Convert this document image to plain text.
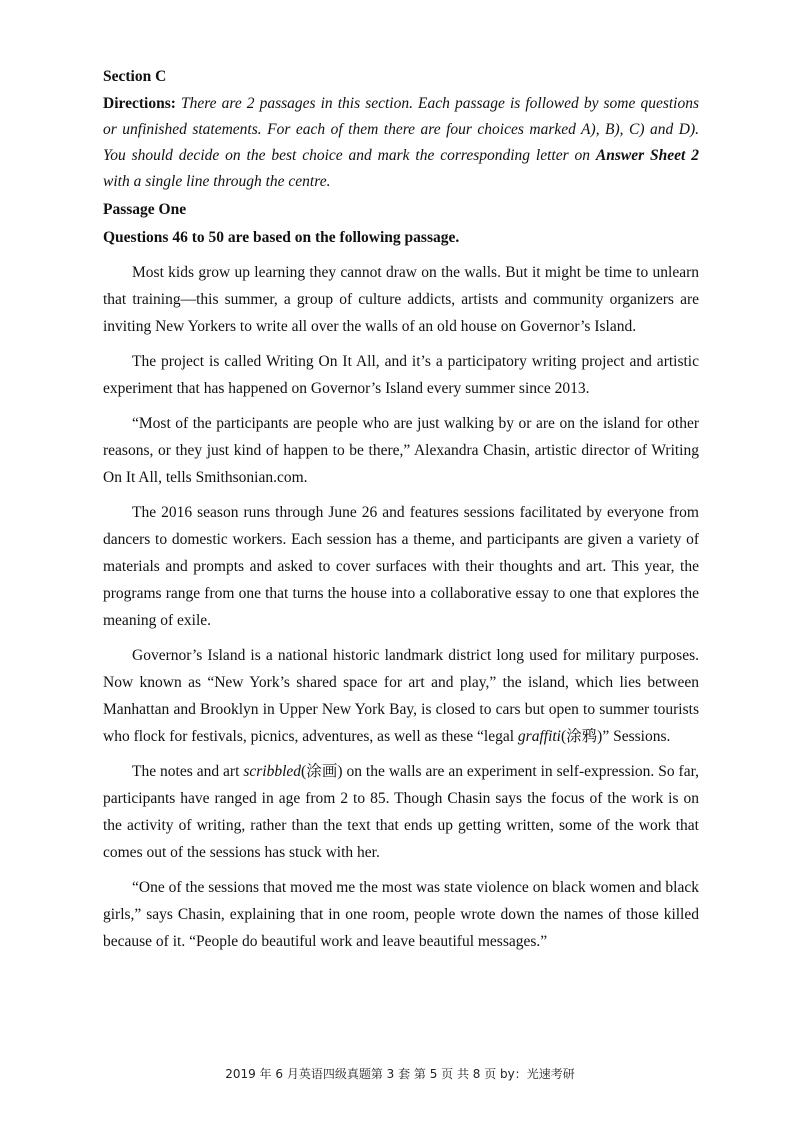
Section C

Directions: There are 2 passages in this section. Each passage is followed by some questions or unfinished statements. For each of them there are four choices marked A), B), C) and D). You should decide on the best choice and mark the corresponding letter on Answer Sheet 2 with a single line through the centre.

Passage One

Questions 46 to 50 are based on the following passage.

Most kids grow up learning they cannot draw on the walls. But it might be time to unlearn that training—this summer, a group of culture addicts, artists and community organizers are inviting New Yorkers to write all over the walls of an old house on Governor’s Island.

The project is called Writing On It All, and it’s a participatory writing project and artistic experiment that has happened on Governor’s Island every summer since 2013.

“Most of the participants are people who are just walking by or are on the island for other reasons, or they just kind of happen to be there,” Alexandra Chasin, artistic director of Writing On It All, tells Smithsonian.com.

The 2016 season runs through June 26 and features sessions facilitated by everyone from dancers to domestic workers. Each session has a theme, and participants are given a variety of materials and prompts and asked to cover surfaces with their thoughts and art. This year, the programs range from one that turns the house into a collaborative essay to one that explores the meaning of exile.

Governor’s Island is a national historic landmark district long used for military purposes. Now known as “New York’s shared space for art and play,” the island, which lies between Manhattan and Brooklyn in Upper New York Bay, is closed to cars but open to summer tourists who flock for festivals, picnics, adventures, as well as these “legal graffiti(涂鸦)” Sessions.

The notes and art scribbled(涂画) on the walls are an experiment in self-expression. So far, participants have ranged in age from 2 to 85. Though Chasin says the focus of the work is on the activity of writing, rather than the text that ends up getting written, some of the work that comes out of the sessions has stuck with her.

“One of the sessions that moved me the most was state violence on black women and black girls,” says Chasin, explaining that in one room, people wrote down the names of those killed because of it. “People do beautiful work and leave beautiful messages.”

2019 年 6 月英语四级真题第 3 套 第 5 页 共 8 页 by：光速考研
